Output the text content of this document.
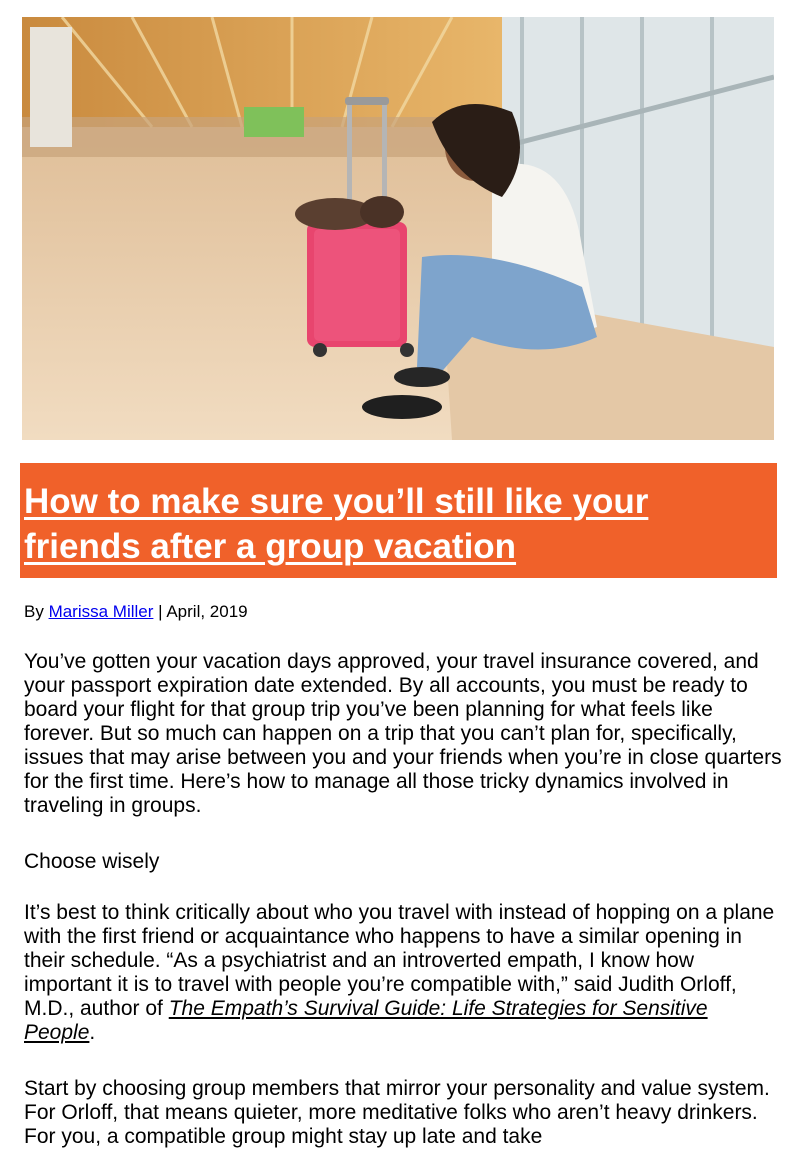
How to make sure you’ll still like your friends after a group vacation
By Marissa Miller | April, 2019

You’ve gotten your vacation days approved, your travel insurance covered, and your passport expiration date extended. By all accounts, you must be ready to board your flight for that group trip you’ve been planning for what feels like forever. But so much can happen on a trip that you can’t plan for, specifically, issues that may arise between you and your friends when you’re in close quarters for the first time. Here’s how to manage all those tricky dynamics involved in traveling in groups.

Choose wisely

It’s best to think critically about who you travel with instead of hopping on a plane with the first friend or acquaintance who happens to have a similar opening in their schedule. “As a psychiatrist and an introverted empath, I know how important it is to travel with people you’re compatible with,” said Judith Orloff, M.D., author of The Empath’s Survival Guide: Life Strategies for Sensitive People.

Start by choosing group members that mirror your personality and value system. For Orloff, that means quieter, more meditative folks who aren’t heavy drinkers. For you, a compatible group might stay up late and take
